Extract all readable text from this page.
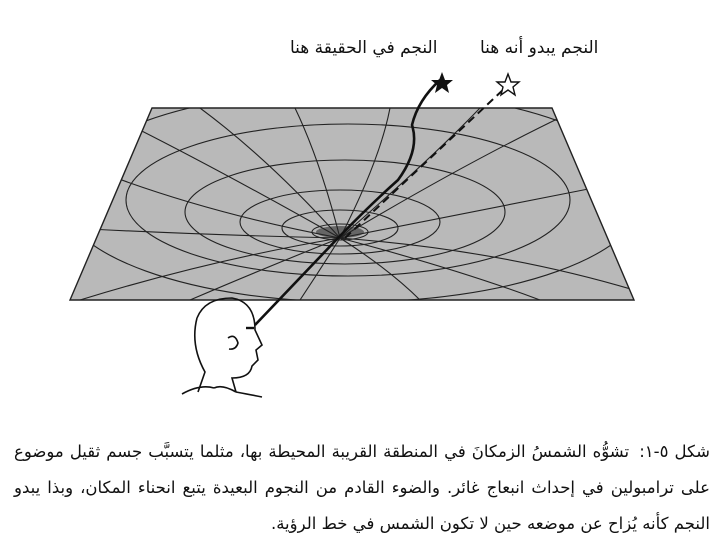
النجم يبدو أنه هنا
النجم في الحقيقة هنا
شكل ٥-١: تشوُّه الشمسُ الزمكانَ في المنطقة القريبة المحيطة بها، مثلما يتسبَّب جسم ثقيل موضوع على ترامبولين في إحداث انبعاج غائر. والضوء القادم من النجوم البعيدة يتبع انحناء المكان، وبذا يبدو النجم كأنه يُزاح عن موضعه حين لا تكون الشمس في خط الرؤية.
